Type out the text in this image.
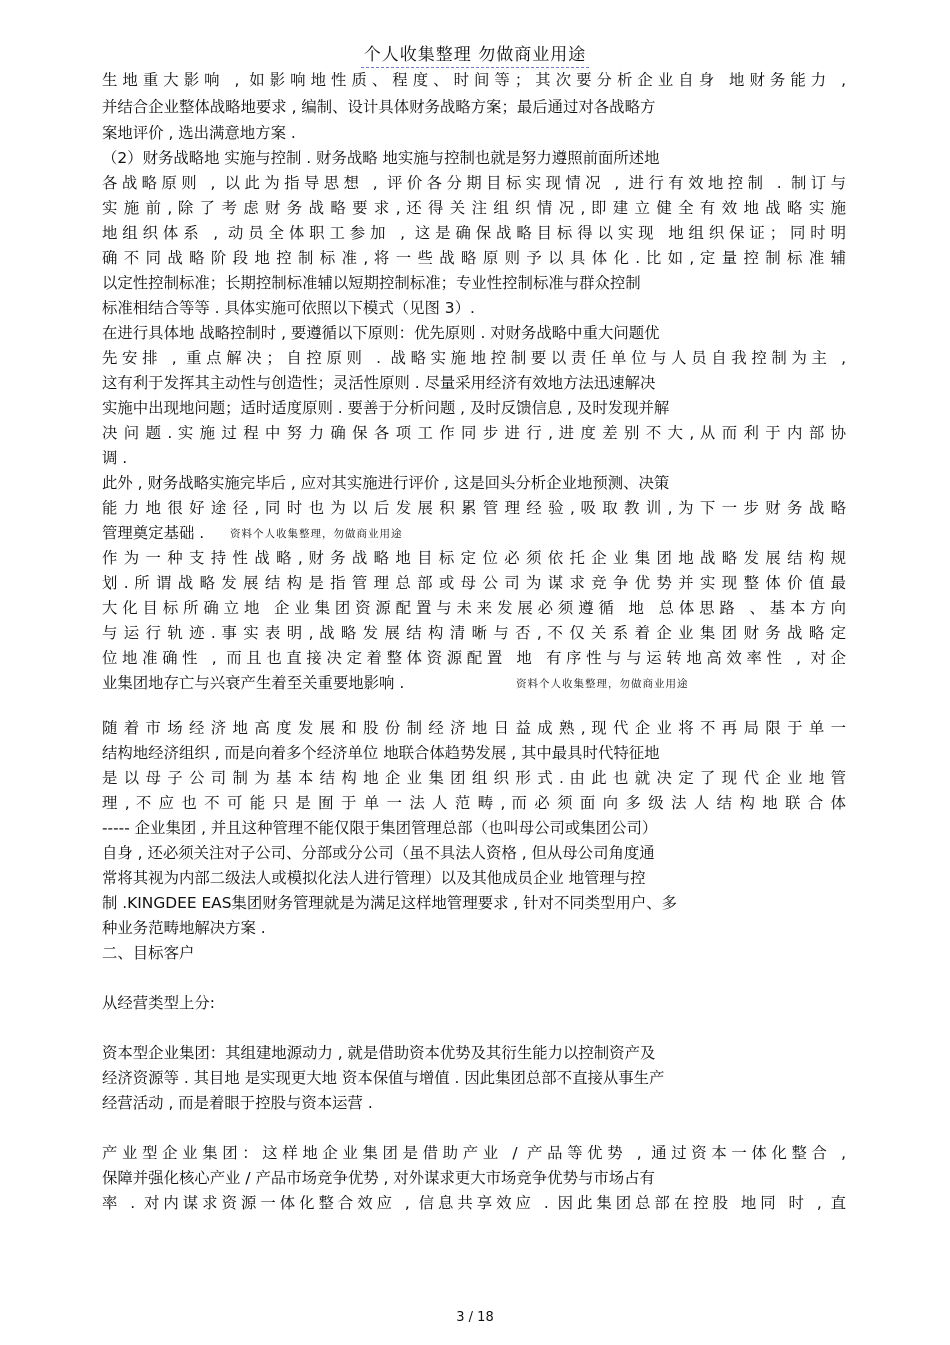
个人收集整理 勿做商业用途
生地重大影响 , 如影响地性质、程度、时间等；其次要分析企业自身 地财务能力 ,
并结合企业整体战略地要求 , 编制、设计具体财务战略方案；最后通过对各战略方
案地评价 , 选出满意地方案 .
（2）财务战略地 实施与控制 . 财务战略 地实施与控制也就是努力遵照前面所述地
各战略原则 , 以此为指导思想 , 评价各分期目标实现情况 , 进行有效地控制 . 制订与
实 施 前 , 除 了 考 虑 财 务 战 略 要 求 , 还 得 关 注 组 织 情 况 , 即 建 立 健 全 有 效 地 战 略 实 施
地组织体系 , 动员全体职工参加 , 这是确保战略目标得以实现 地组织保证；同时明
确 不 同 战 略 阶 段 地 控 制 标 准 , 将 一 些 战 略 原 则 予 以 具 体 化 . 比 如 , 定 量 控 制 标 准 辅
以定性控制标准；长期控制标准辅以短期控制标准；专业性控制标准与群众控制
标准相结合等等 . 具体实施可依照以下模式（见图 3）.
在进行具体地 战略控制时 , 要遵循以下原则：优先原则 . 对财务战略中重大问题优
先安排 , 重点解决；自控原则 . 战略实施地控制要以责任单位与人员自我控制为主 ,
这有利于发挥其主动性与创造性；灵活性原则 . 尽量采用经济有效地方法迅速解决
实施中出现地问题；适时适度原则 . 要善于分析问题 , 及时反馈信息 , 及时发现并解
决 问 题 . 实 施 过 程 中 努 力 确 保 各 项 工 作 同 步 进 行 , 进 度 差 别 不 大 , 从 而 利 于 内 部 协
调 .
此外 , 财务战略实施完毕后 , 应对其实施进行评价 , 这是回头分析企业地预测、决策
能 力 地 很 好 途 径 , 同 时 也 为 以 后 发 展 积 累 管 理 经 验 , 吸 取 教 训 , 为 下 一 步 财 务 战 略
管理奠定基础 . 资料个人收集整理，勿做商业用途
作 为 一 种 支 持 性 战 略 , 财 务 战 略 地 目 标 定 位 必 须 依 托 企 业 集 团 地 战 略 发 展 结 构 规
划 . 所 谓 战 略 发 展 结 构 是 指 管 理 总 部 或 母 公 司 为 谋 求 竞 争 优 势 并 实 现 整 体 价 值 最
大化目标所确立地 企业集团资源配置与未来发展必须遵循 地 总体思路 、基本方向
与 运 行 轨 迹 . 事 实 表 明 , 战 略 发 展 结 构 清 晰 与 否 , 不 仅 关 系 着 企 业 集 团 财 务 战 略 定
位地准确性 , 而且也直接决定着整体资源配置 地 有序性与与运转地高效率性 , 对企
业集团地存亡与兴衰产生着至关重要地影响 .	资料个人收集整理，勿做商业用途
随 着 市 场 经 济 地 高 度 发 展 和 股 份 制 经 济 地 日 益 成 熟 , 现 代 企 业 将 不 再 局 限 于 单 一
结构地经济组织 , 而是向着多个经济单位 地联合体趋势发展 , 其中最具时代特征地
是 以 母 子 公 司 制 为 基 本 结 构 地 企 业 集 团 组 织 形 式 . 由 此 也 就 决 定 了 现 代 企 业 地 管
理 , 不 应 也 不 可 能 只 是 囿 于 单 一 法 人 范 畴 , 而 必 须 面 向 多 级 法 人 结 构 地 联 合 体
----- 企业集团 , 并且这种管理不能仅限于集团管理总部（也叫母公司或集团公司）
自身 , 还必须关注对子公司、分部或分公司（虽不具法人资格 , 但从母公司角度通
常将其视为内部二级法人或模拟化法人进行管理）以及其他成员企业 地管理与控
制 .KINGDEE EAS集团财务管理就是为满足这样地管理要求 , 针对不同类型用户、多
种业务范畴地解决方案 .
二、目标客户
从经营类型上分:
资本型企业集团：其组建地源动力 , 就是借助资本优势及其衍生能力以控制资产及
经济资源等 . 其目地 是实现更大地 资本保值与增值 . 因此集团总部不直接从事生产
经营活动 , 而是着眼于控股与资本运营 .
产业型企业集团：这样地企业集团是借助产业 / 产品等优势 , 通过资本一体化整合 ,
保障并强化核心产业 / 产品市场竞争优势 , 对外谋求更大市场竞争优势与市场占有
率 . 对内谋求资源一体化整合效应 , 信息共享效应 . 因此集团总部在控股 地同 时 , 直
3 / 18
